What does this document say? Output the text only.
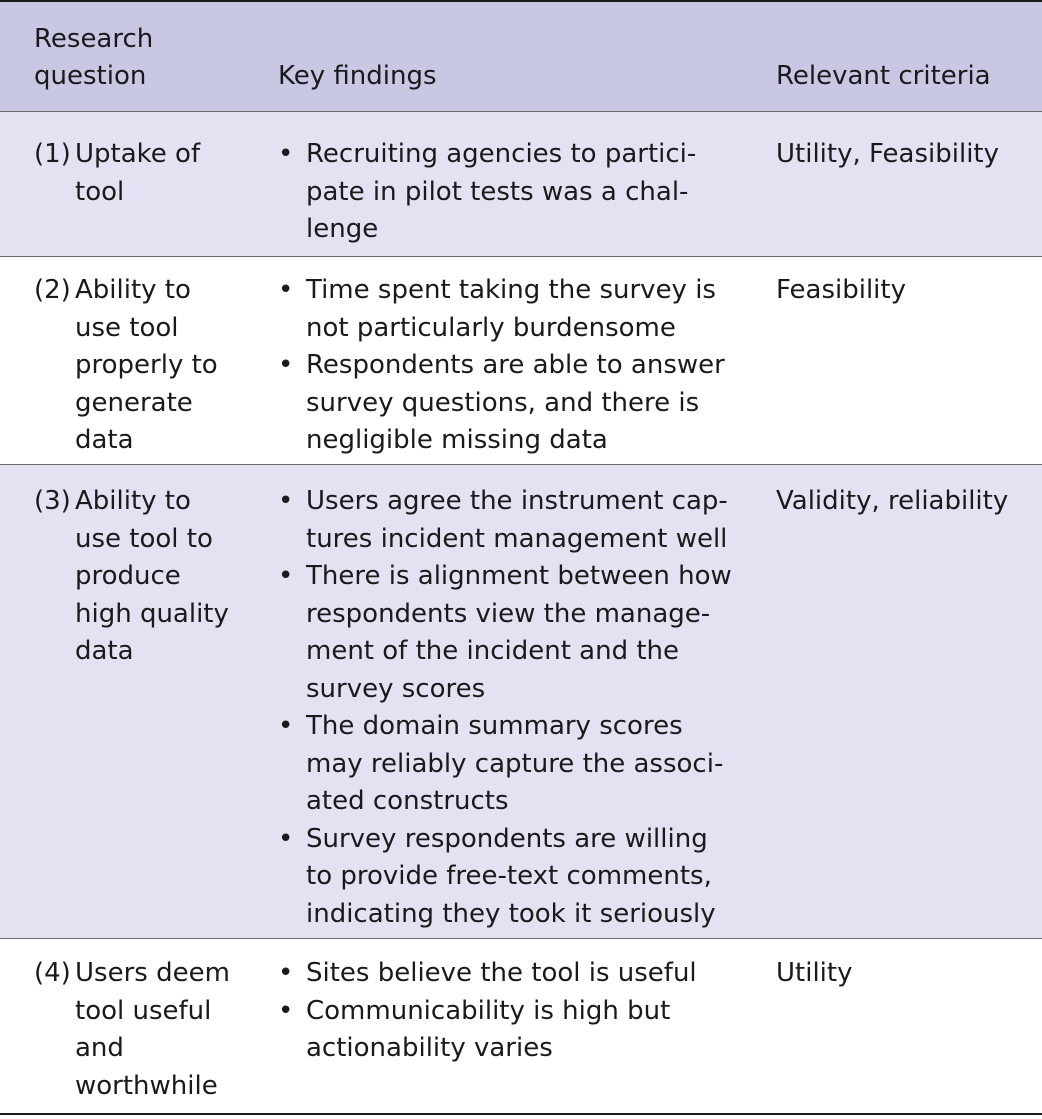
Research
question	Key findings	Relevant criteria
(1) Uptake of
tool
• Recruiting agencies to partici-
pate in pilot tests was a chal-
lenge
Utility, Feasibility
(2) Ability to
use tool
properly to
generate
data
• Time spent taking the survey is
not particularly burdensome
• Respondents are able to answer
survey questions, and there is
negligible missing data
Feasibility
(3) Ability to
use tool to
produce
high quality
data
• Users agree the instrument cap-
tures incident management well
• There is alignment between how
respondents view the manage-
ment of the incident and the
survey scores
• The domain summary scores
may reliably capture the associ-
ated constructs
• Survey respondents are willing
to provide free-text comments,
indicating they took it seriously
Validity, reliability
(4) Users deem
tool useful
and
worthwhile
• Sites believe the tool is useful
• Communicability is high but
actionability varies
Utility
